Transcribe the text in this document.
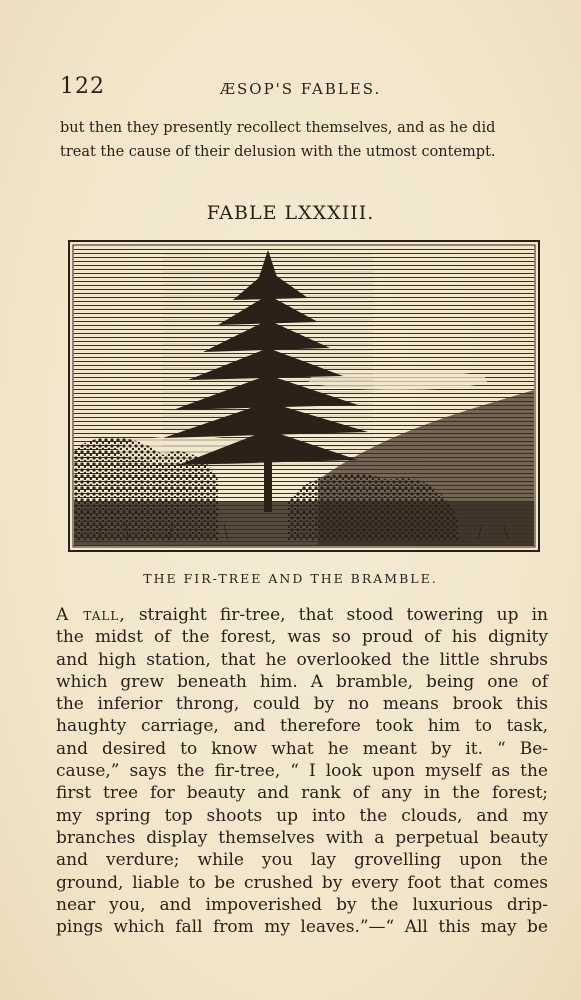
122	ÆSOP'S FABLES.
but then they presently recollect themselves, and as he did
treat the cause of their delusion with the utmost contempt.
FABLE LXXXIII.
THE FIR-TREE AND THE BRAMBLE.
A tall, straight fir-tree, that stood towering up in
the midst of the forest, was so proud of his dignity
and high station, that he overlooked the little shrubs
which grew beneath him. A bramble, being one of
the inferior throng, could by no means brook this
haughty carriage, and therefore took him to task,
and desired to know what he meant by it. “ Be-
cause,” says the fir-tree, “ I look upon myself as the
first tree for beauty and rank of any in the forest;
my spring top shoots up into the clouds, and my
branches display themselves with a perpetual beauty
and verdure; while you lay grovelling upon the
ground, liable to be crushed by every foot that comes
near you, and impoverished by the luxurious drip-
pings which fall from my leaves.”—“ All this may be
